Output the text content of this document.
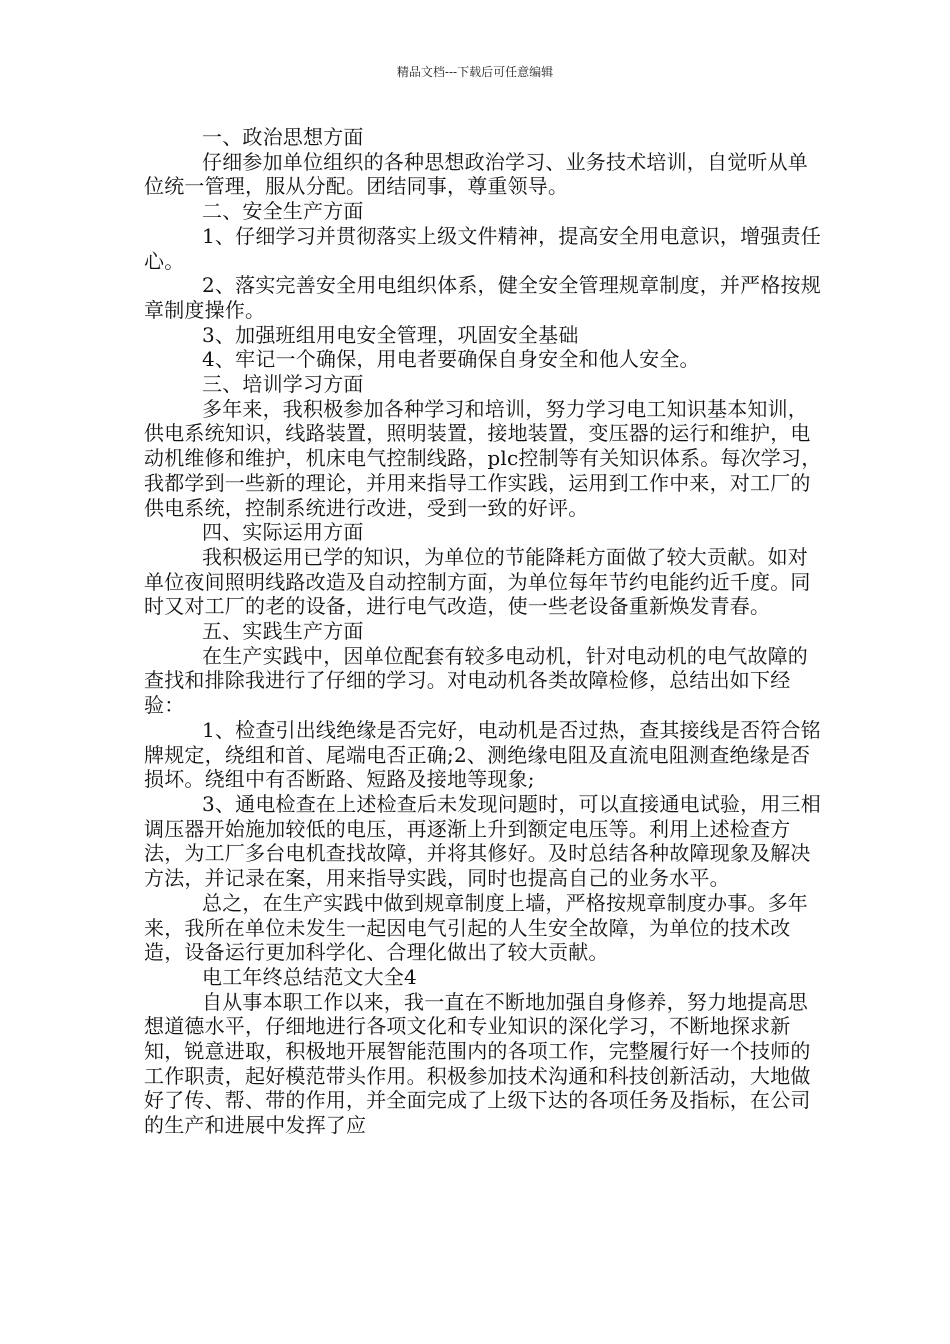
精品文档---下载后可任意编辑

一、政治思想方面

仔细参加单位组织的各种思想政治学习、业务技术培训，自觉听从单位统一管理，服从分配。团结同事，尊重领导。

二、安全生产方面

1、仔细学习并贯彻落实上级文件精神，提高安全用电意识，增强责任心。

2、落实完善安全用电组织体系，健全安全管理规章制度，并严格按规章制度操作。

3、加强班组用电安全管理，巩固安全基础

4、牢记一个确保，用电者要确保自身安全和他人安全。

三、培训学习方面

多年来，我积极参加各种学习和培训，努力学习电工知识基本知训，供电系统知识，线路装置，照明装置，接地装置，变压器的运行和维护，电动机维修和维护，机床电气控制线路，plc控制等有关知识体系。每次学习，我都学到一些新的理论，并用来指导工作实践，运用到工作中来，对工厂的供电系统，控制系统进行改进，受到一致的好评。

四、实际运用方面

我积极运用已学的知识，为单位的节能降耗方面做了较大贡献。如对单位夜间照明线路改造及自动控制方面，为单位每年节约电能约近千度。同时又对工厂的老的设备，进行电气改造，使一些老设备重新焕发青春。

五、实践生产方面

在生产实践中，因单位配套有较多电动机，针对电动机的电气故障的查找和排除我进行了仔细的学习。对电动机各类故障检修，总结出如下经验：

1、检查引出线绝缘是否完好，电动机是否过热，查其接线是否符合铭牌规定，绕组和首、尾端电否正确;2、测绝缘电阻及直流电阻测查绝缘是否损坏。绕组中有否断路、短路及接地等现象;

3、通电检查在上述检查后未发现问题时，可以直接通电试验，用三相调压器开始施加较低的电压，再逐渐上升到额定电压等。利用上述检查方法，为工厂多台电机查找故障，并将其修好。及时总结各种故障现象及解决方法，并记录在案，用来指导实践，同时也提高自己的业务水平。

总之，在生产实践中做到规章制度上墙，严格按规章制度办事。多年来，我所在单位未发生一起因电气引起的人生安全故障，为单位的技术改造，设备运行更加科学化、合理化做出了较大贡献。

电工年终总结范文大全4

自从事本职工作以来，我一直在不断地加强自身修养，努力地提高思想道德水平，仔细地进行各项文化和专业知识的深化学习，不断地探求新知，锐意进取，积极地开展智能范围内的各项工作，完整履行好一个技师的工作职责，起好模范带头作用。积极参加技术沟通和科技创新活动，大地做好了传、帮、带的作用，并全面完成了上级下达的各项任务及指标，在公司的生产和进展中发挥了应
